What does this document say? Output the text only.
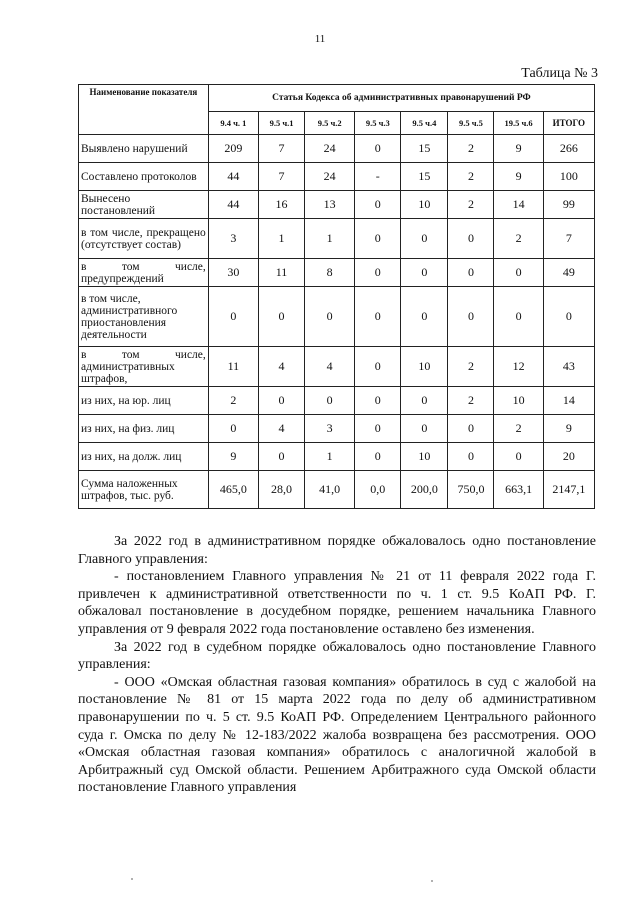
11
Таблица № 3
Наименование показателя	Статья Кодекса об административных правонарушений РФ							
	9.4 ч. 1	9.5 ч.1	9.5 ч.2	9.5 ч.3	9.5 ч.4	9.5 ч.5	19.5 ч.6	ИТОГО
Выявлено нарушений	209	7	24	0	15	2	9	266
Составлено протоколов	44	7	24	-	15	2	9	100
Вынесено постановлений	44	16	13	0	10	2	14	99
в том числе, прекращено (отсутствует состав)	3	1	1	0	0	0	2	7
в том числе, предупреждений	30	11	8	0	0	0	0	49
в том числе, административного приостановления деятельности	0	0	0	0	0	0	0	0
в том числе, административных штрафов,	11	4	4	0	10	2	12	43
из них, на юр. лиц	2	0	0	0	0	2	10	14
из них, на физ. лиц	0	4	3	0	0	0	2	9
из них, на долж. лиц	9	0	1	0	10	0	0	20
Сумма наложенных штрафов, тыс. руб.	465,0	28,0	41,0	0,0	200,0	750,0	663,1	2147,1

За 2022 год в административном порядке обжаловалось одно постановление Главного управления:

- постановлением Главного управления № 21 от 11 февраля 2022 года Г. привлечен к административной ответственности по ч. 1 ст. 9.5 КоАП РФ. Г. обжаловал постановление в досудебном порядке, решением начальника Главного управления от 9 февраля 2022 года постановление оставлено без изменения.

За 2022 год в судебном порядке обжаловалось одно постановление Главного управления:

- ООО «Омская областная газовая компания» обратилось в суд с жалобой на постановление № 81 от 15 марта 2022 года по делу об административном правонарушении по ч. 5 ст. 9.5 КоАП РФ. Определением Центрального районного суда г. Омска по делу № 12-183/2022 жалоба возвращена без рассмотрения. ООО «Омская областная газовая компания» обратилось с аналогичной жалобой в Арбитражный суд Омской области. Решением Арбитражного суда Омской области постановление Главного управления
